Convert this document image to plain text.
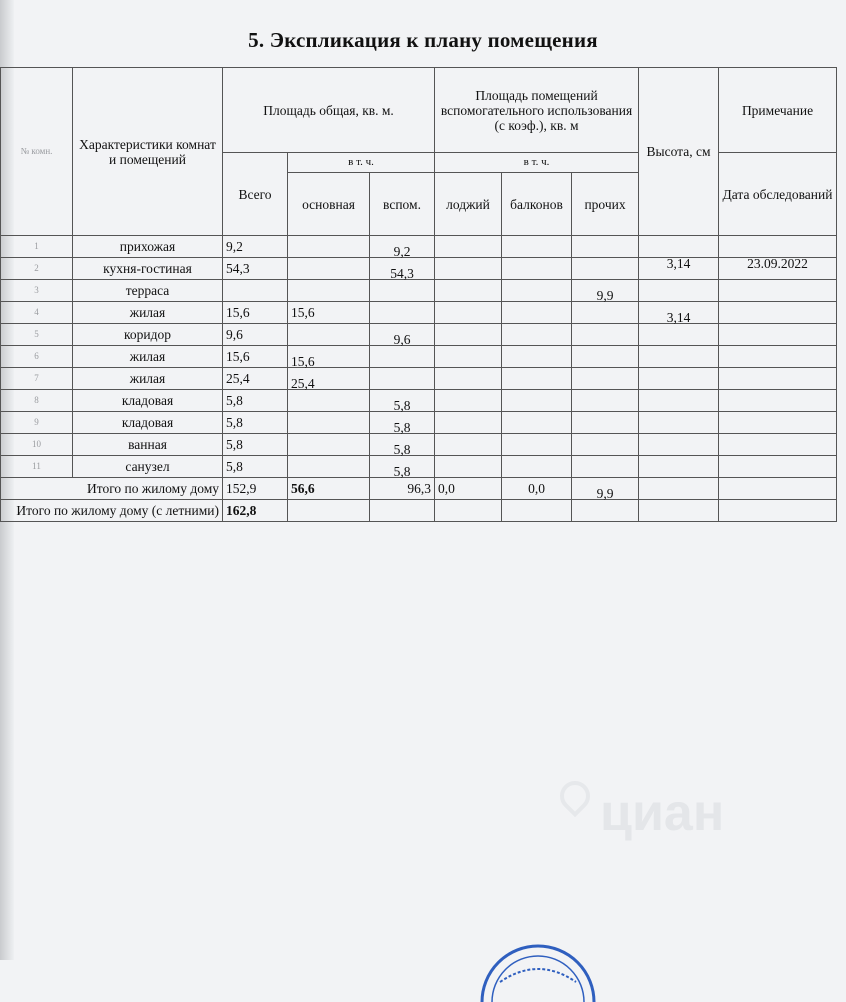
5. Экспликация к плану помещения
№ комн.	Характеристики комнат и помещений	Площадь общая, кв. м.			Площадь помещений вспомогательного использования (с коэф.), кв. м			Высота, см	Примечание
		Всего	в т. ч.		в т. ч.				Дата обследований
			основная	вспом.	лоджий	балконов	прочих		
1	прихожая	9,2		9,2					
2	кухня-гостиная	54,3		54,3				3,14	23.09.2022
3	терраса						9,9		
4	жилая	15,6	15,6					3,14	
5	коридор	9,6		9,6					
6	жилая	15,6	15,6						
7	жилая	25,4	25,4						
8	кладовая	5,8		5,8					
9	кладовая	5,8		5,8					
10	ванная	5,8		5,8					
11	санузел	5,8		5,8					
Итого по жилому дому		152,9	56,6	96,3	0,0	0,0	9,9		
Итого по жилому дому (с летними)		162,8							
циан
